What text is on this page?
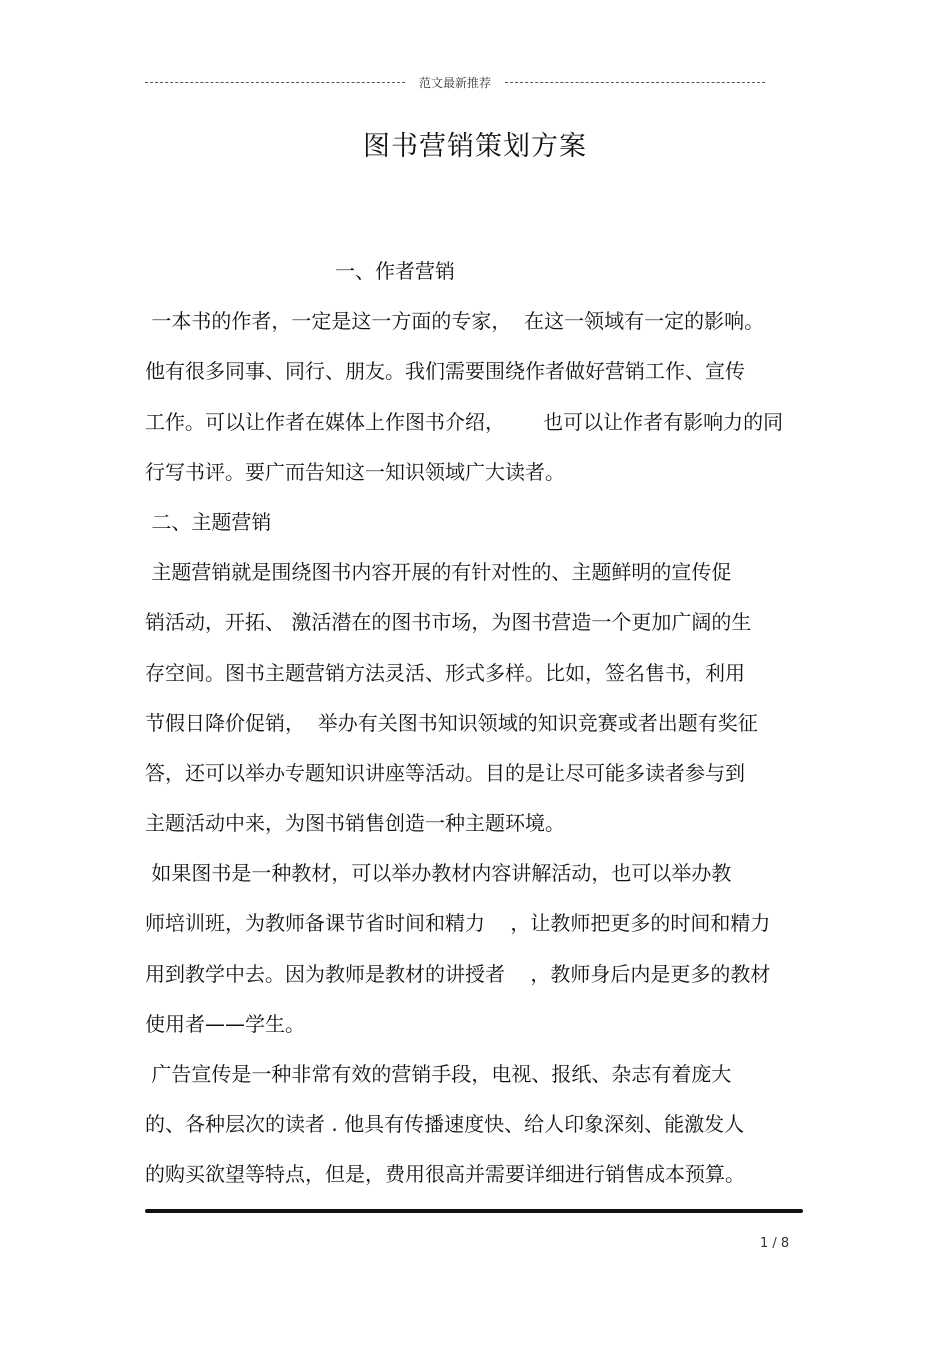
范文最新推荐
图书营销策划方案
一、作者营销
一本书的作者，一定是这一方面的专家，  在这一领域有一定的影响。
他有很多同事、同行、朋友。我们需要围绕作者做好营销工作、宣传
工作。可以让作者在媒体上作图书介绍，      也可以让作者有影响力的同
行写书评。要广而告知这一知识领域广大读者。
二、主题营销
主题营销就是围绕图书内容开展的有针对性的、主题鲜明的宣传促
销活动，开拓、 激活潜在的图书市场，为图书营造一个更加广阔的生
存空间。图书主题营销方法灵活、形式多样。比如，签名售书，利用
节假日降价促销，  举办有关图书知识领域的知识竞赛或者出题有奖征
答，还可以举办专题知识讲座等活动。目的是让尽可能多读者参与到
主题活动中来，为图书销售创造一种主题环境。
如果图书是一种教材，可以举办教材内容讲解活动，也可以举办教
师培训班，为教师备课节省时间和精力    ，让教师把更多的时间和精力
用到教学中去。因为教师是教材的讲授者    ，教师身后内是更多的教材
使用者——学生。
广告宣传是一种非常有效的营销手段，电视、报纸、杂志有着庞大
的、各种层次的读者 . 他具有传播速度快、给人印象深刻、能激发人
的购买欲望等特点，但是，费用很高并需要详细进行销售成本预算。
1 / 8
